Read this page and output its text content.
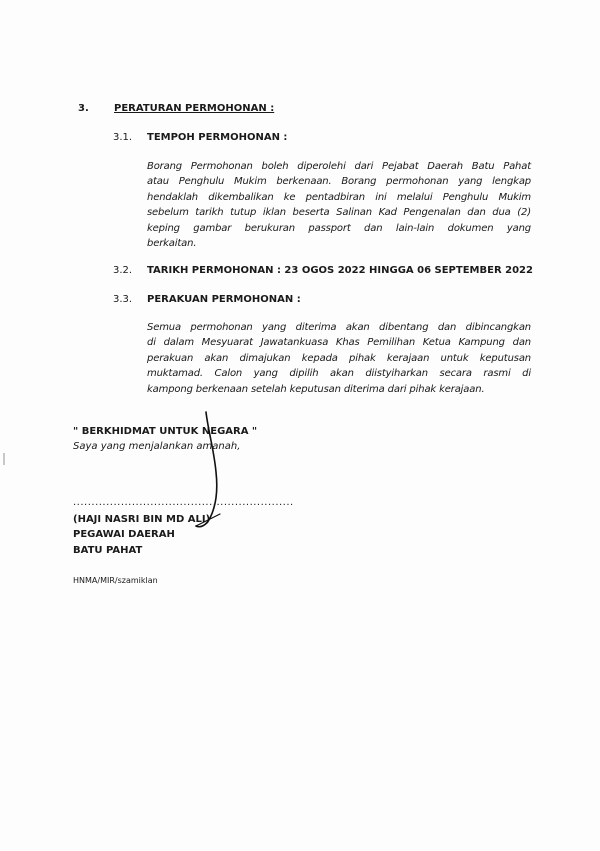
3.	PERATURAN PERMOHONAN :
3.1. TEMPOH PERMOHONAN :
Borang Permohonan boleh diperolehi dari Pejabat Daerah Batu Pahat
atau Penghulu Mukim berkenaan. Borang permohonan yang lengkap
hendaklah dikembalikan ke pentadbiran ini melalui Penghulu Mukim
sebelum tarikh tutup iklan beserta Salinan Kad Pengenalan dan dua (2)
keping gambar berukuran passport dan lain-lain dokumen yang
berkaitan.
3.2. TARIKH PERMOHONAN : 23 OGOS 2022 HINGGA 06 SEPTEMBER 2022
3.3. PERAKUAN PERMOHONAN :
Semua permohonan yang diterima akan dibentang dan dibincangkan
di dalam Mesyuarat Jawatankuasa Khas Pemilihan Ketua Kampung dan
perakuan akan dimajukan kepada pihak kerajaan untuk keputusan
muktamad. Calon yang dipilih akan diistyiharkan secara rasmi di
kampong berkenaan setelah keputusan diterima dari pihak kerajaan.
" BERKHIDMAT UNTUK NEGARA "
Saya yang menjalankan amanah,
............................................................
(HAJI NASRI BIN MD ALI)
PEGAWAI DAERAH
BATU PAHAT
HNMA/MIR/szamiklan
